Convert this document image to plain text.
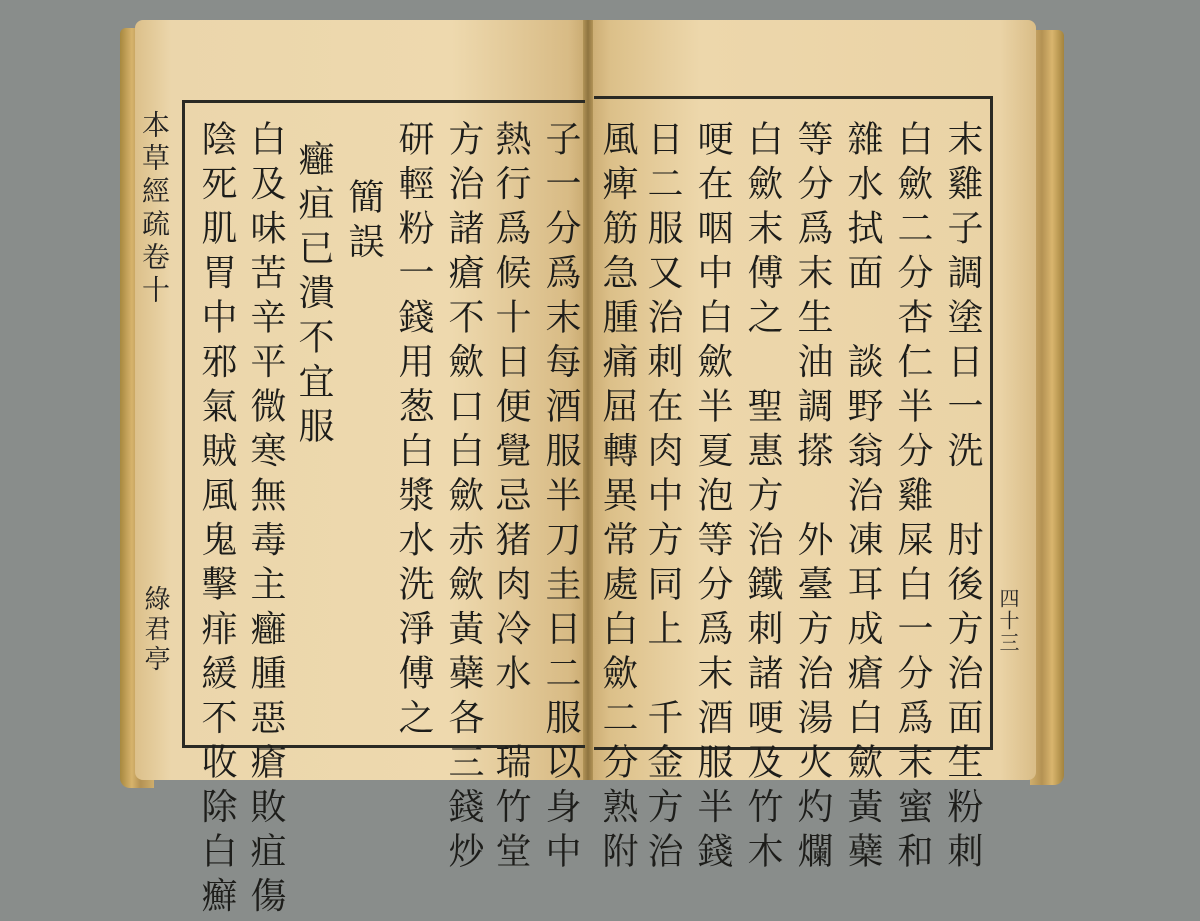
本草經疏卷十
綠君亭	子一分爲末每酒服半刀圭日二服以身中
熱行爲候十日便覺忌猪肉冷水　瑞竹堂
方治諸瘡不歛口白歛赤歛黃蘗各三錢炒
研輕粉一錢用葱白漿水洗淨傅之
簡誤
癰疽已潰不宜服
白及味苦辛平微寒無毒主癰腫惡瘡敗疽傷
陰死肌胃中邪氣賊風鬼擊痱緩不收除白癬	四十三
末雞子調塗日一洗　肘後方治面生粉刺
白歛二分杏仁半分雞屎白一分爲末蜜和
雜水拭面　談野翁治凍耳成瘡白歛黃蘗
等分爲末生油調搽　外臺方治湯火灼爛
白歛末傅之　聖惠方治鐵刺諸哽及竹木
哽在咽中白歛半夏泡等分爲末酒服半錢
日二服又治刺在肉中方同上　千金方治
風痺筋急腫痛屈轉異常處白歛二分熟附
